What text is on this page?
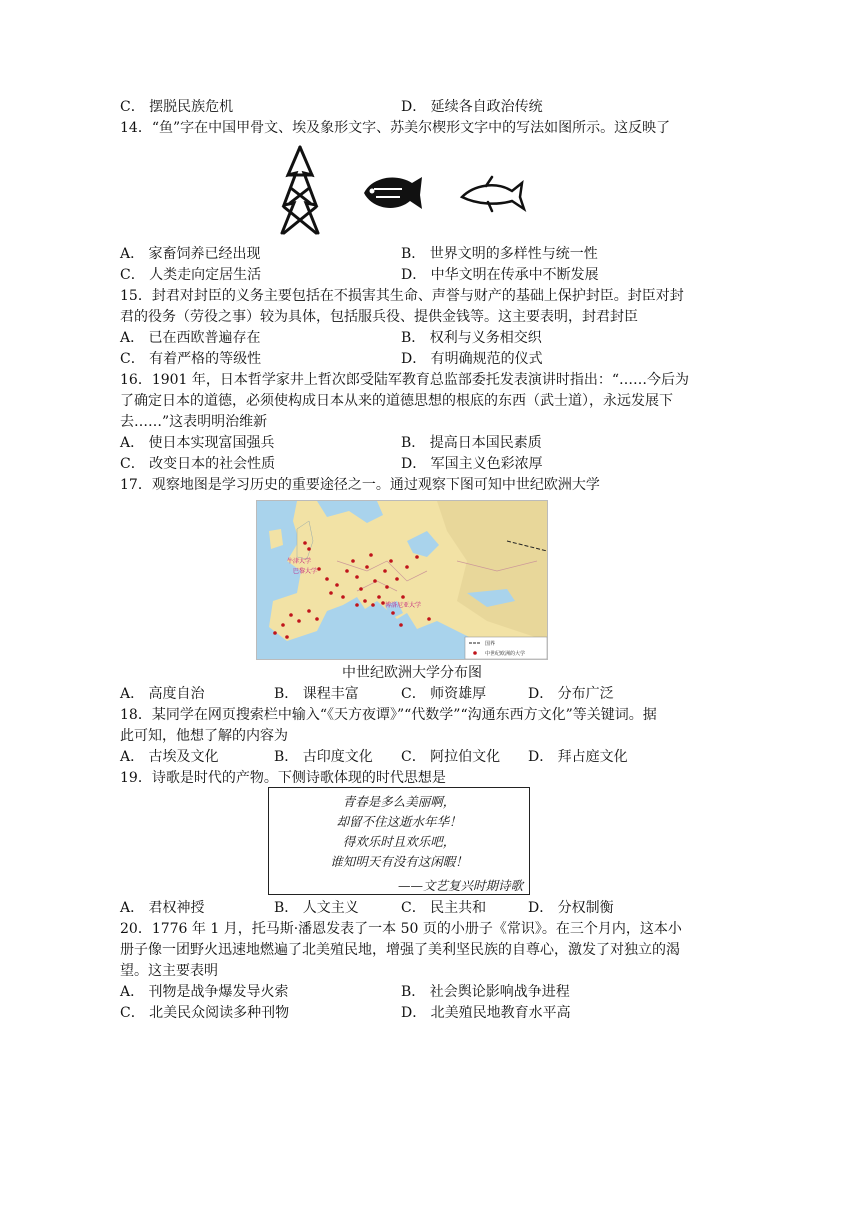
C． 摆脱民族危机	D． 延续各自政治传统
14．“鱼”字在中国甲骨文、埃及象形文字、苏美尔楔形文字中的写法如图所示。这反映了
A． 家畜饲养已经出现	B． 世界文明的多样性与统一性
C． 人类走向定居生活	D． 中华文明在传承中不断发展
15．封君对封臣的义务主要包括在不损害其生命、声誉与财产的基础上保护封臣。封臣对封
君的役务（劳役之事）较为具体，包括服兵役、提供金钱等。这主要表明，封君封臣
A． 已在西欧普遍存在	B． 权利与义务相交织
C． 有着严格的等级性	D． 有明确规范的仪式
16．1901 年，日本哲学家井上哲次郎受陆军教育总监部委托发表演讲时指出：“……今后为
了确定日本的道德，必须使构成日本从来的道德思想的根底的东西（武士道），永远发展下
去……”这表明明治维新
A． 使日本实现富国强兵	B． 提高日本国民素质
C． 改变日本的社会性质	D． 军国主义色彩浓厚
17．观察地图是学习历史的重要途径之一。通过观察下图可知中世纪欧洲大学
牛津大学
巴黎大学
博洛尼亚大学
国界
中世纪欧洲的大学
中世纪欧洲大学分布图
A． 高度自治	B． 课程丰富	C． 师资雄厚	D． 分布广泛
18．某同学在网页搜索栏中输入“《天方夜谭》”“代数学”“沟通东西方文化”等关键词。据
此可知，他想了解的内容为
A． 古埃及文化	B． 古印度文化 C． 阿拉伯文化 D． 拜占庭文化
19．诗歌是时代的产物。下侧诗歌体现的时代思想是
青春是多么美丽啊，
却留不住这逝水年华！
得欢乐时且欢乐吧，
谁知明天有没有这闲暇！
——文艺复兴时期诗歌
A． 君权神授	B． 人文主义	C． 民主共和	D． 分权制衡
20．1776 年 1 月，托马斯·潘恩发表了一本 50 页的小册子《常识》。在三个月内，这本小
册子像一团野火迅速地燃遍了北美殖民地，增强了美利坚民族的自尊心，激发了对独立的渴
望。这主要表明
A． 刊物是战争爆发导火索	B． 社会舆论影响战争进程
C． 北美民众阅读多种刊物	D． 北美殖民地教育水平高
